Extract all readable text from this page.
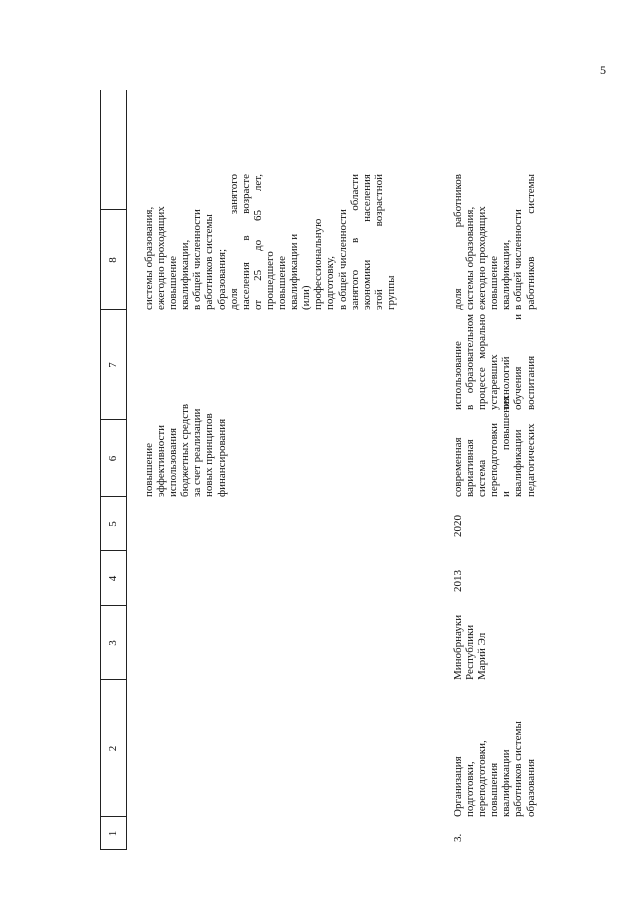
5
1
2
3
4
5
6
7
8
повышение эффективности использования бюджетных средств за счет реализации новых принципов финансирования
системы образования, ежегодно проходящих повышение квалификации, в общей численности работников системы образования; доля занятого населения в возрасте от 25 до 65 лет, прошедшего повышение квалификации и (или) профессиональную подготовку, в общей численности занятого в области экономики населения этой возрастной группы
3.
Организация подготовки, переподготовки, повышения квалификации работников системы образования
Минобрнауки Республики Марий Эл
2013
2020
современная вариативная система переподготовки и повышения квалификации педагогических
использование в образовательном процессе морально устаревших технологий обучения и воспитания
доля работников системы образования, ежегодно проходящих повышение квалификации, в общей численности работников системы
